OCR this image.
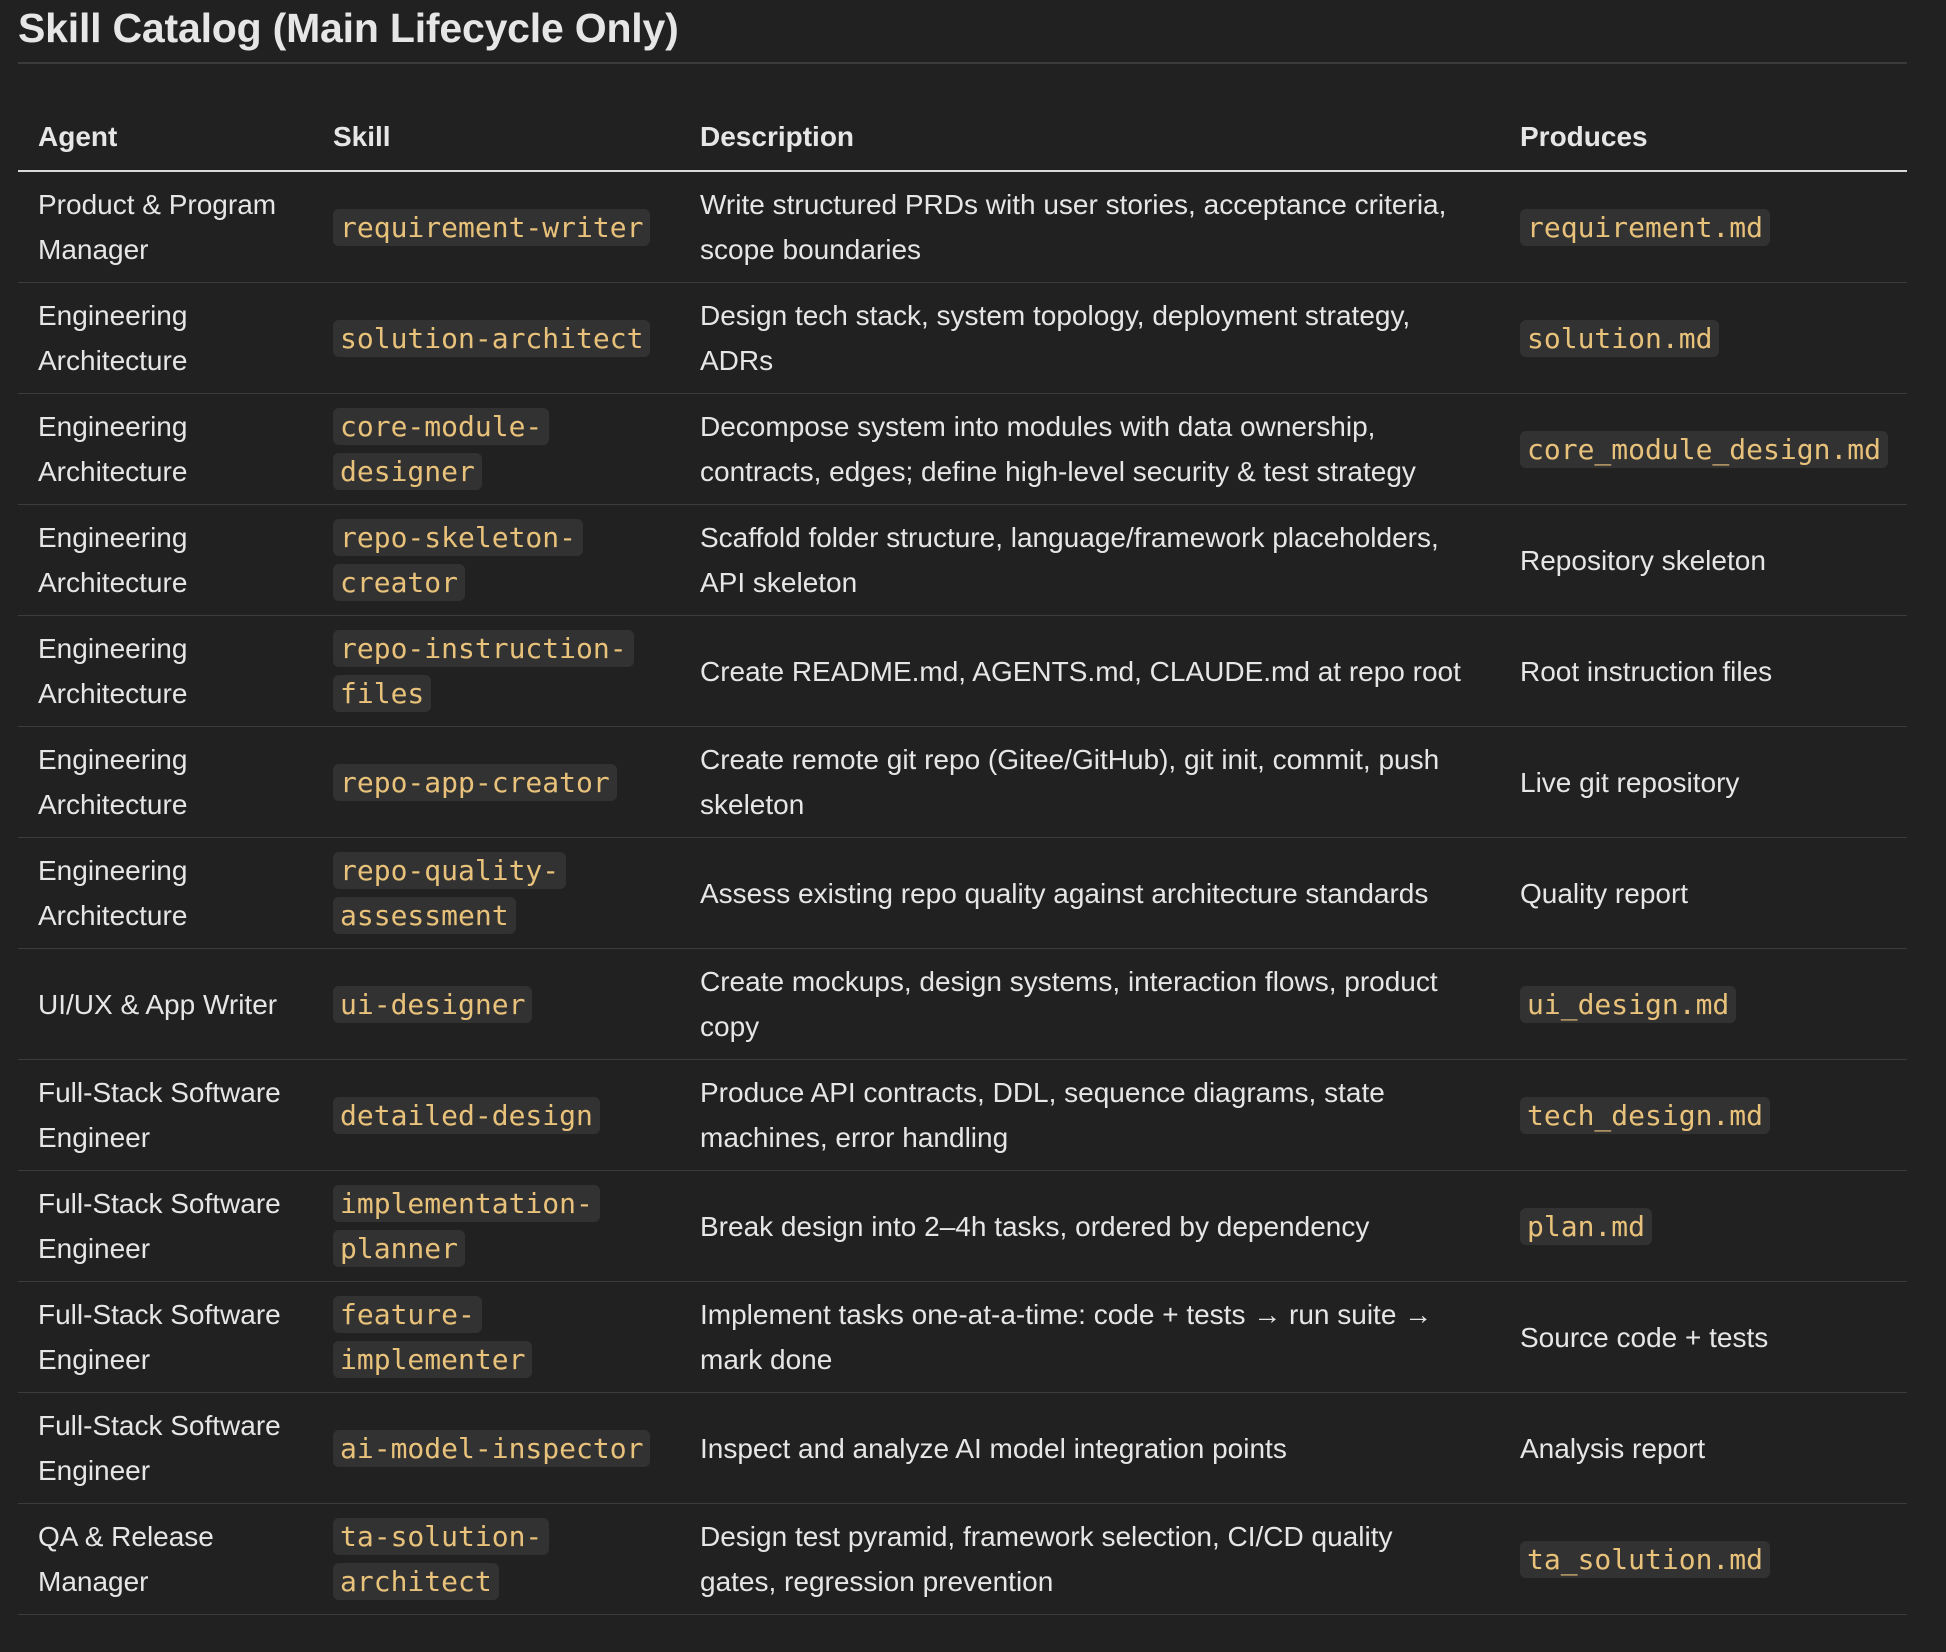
Skill Catalog (Main Lifecycle Only)
Agent	Skill	Description	Produces
Product & Program Manager	requirement-​writer	Write structured PRDs with user stories, acceptance criteria, scope boundaries	requirement.md
Engineering Architecture	solution-​architect	Design tech stack, system topology, deployment strategy, ADRs	solution.md
Engineering Architecture	core-​module-​designer	Decompose system into modules with data ownership, contracts, edges; define high-level security & test strategy	core_module_design.md
Engineering Architecture	repo-​skeleton-​creator	Scaffold folder structure, language/framework placeholders, API skeleton	Repository skeleton
Engineering Architecture	repo-​instruction-​files	Create README.md, AGENTS.md, CLAUDE.md at repo root	Root instruction files
Engineering Architecture	repo-​app-​creator	Create remote git repo (Gitee/GitHub), git init, commit, push skeleton	Live git repository
Engineering Architecture	repo-​quality-​assessment	Assess existing repo quality against architecture standards	Quality report
UI/UX & App Writer	ui-​designer	Create mockups, design systems, interaction flows, product copy	ui_design.md
Full-Stack Software Engineer	detailed-​design	Produce API contracts, DDL, sequence diagrams, state machines, error handling	tech_design.md
Full-Stack Software Engineer	implementation-​planner	Break design into 2–4h tasks, ordered by dependency	plan.md
Full-Stack Software Engineer	feature-​implementer	Implement tasks one-at-a-time: code + tests → run suite → mark done	Source code + tests
Full-Stack Software Engineer	ai-​model-​inspector	Inspect and analyze AI model integration points	Analysis report
QA & Release Manager	ta-​solution-​architect	Design test pyramid, framework selection, CI/CD quality gates, regression prevention	ta_solution.md
